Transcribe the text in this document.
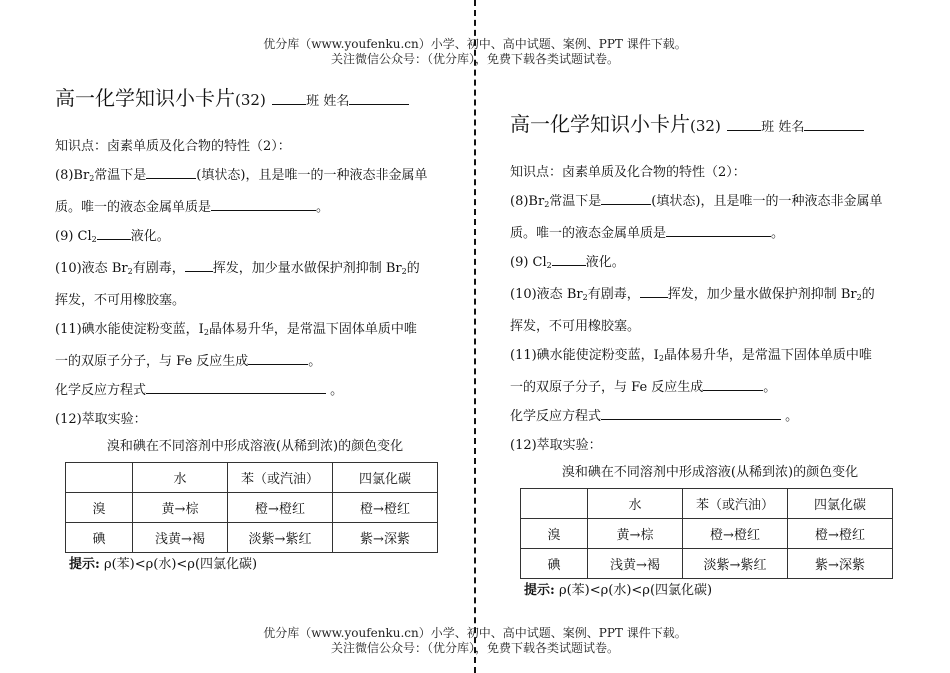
优分库（www.youfenku.cn）小学、初中、高中试题、案例、PPT 课件下载。
关注微信公众号：（优分库），免费下载各类试题试卷。
高一化学知识小卡片(32)	班 姓名
知识点：卤素单质及化合物的特性（2）：
$(8)Br_2$常温下是	(填状态)，且是唯一的一种液态非金属单
质。唯一的液态金属单质是	。
(9) $Cl_2$	液化。
(10)液态 $Br_2$有剧毒， 挥发，加少量水做保护剂抑制 $Br_2$的
挥发，不可用橡胶塞。
(11)碘水能使淀粉变蓝，$I_2$晶体易升华，是常温下固体单质中唯
一的双原子分子，与 Fe 反应生成	。
化学反应方程式	。
(12)萃取实验：
溴和碘在不同溶剂中形成溶液(从稀到浓)的颜色变化
	水	苯（或汽油）	四氯化碳
溴	黄→棕	橙→橙红	橙→橙红
碘	浅黄→褐	淡紫→紫红	紫→深紫
提示: ρ(苯)<ρ(水)<ρ(四氯化碳)
高一化学知识小卡片(32)	班 姓名
知识点：卤素单质及化合物的特性（2）：
$(8)Br_2$常温下是	(填状态)，且是唯一的一种液态非金属单
质。唯一的液态金属单质是	。
(9) $Cl_2$	液化。
(10)液态 $Br_2$有剧毒， 挥发，加少量水做保护剂抑制 $Br_2$的
挥发，不可用橡胶塞。
(11)碘水能使淀粉变蓝，$I_2$晶体易升华，是常温下固体单质中唯
一的双原子分子，与 Fe 反应生成	。
化学反应方程式	。
(12)萃取实验：
溴和碘在不同溶剂中形成溶液(从稀到浓)的颜色变化
	水	苯（或汽油）	四氯化碳
溴	黄→棕	橙→橙红	橙→橙红
碘	浅黄→褐	淡紫→紫红	紫→深紫
提示: ρ(苯)<ρ(水)<ρ(四氯化碳)
优分库（www.youfenku.cn）小学、初中、高中试题、案例、PPT 课件下载。
关注微信公众号：（优分库），免费下载各类试题试卷。
